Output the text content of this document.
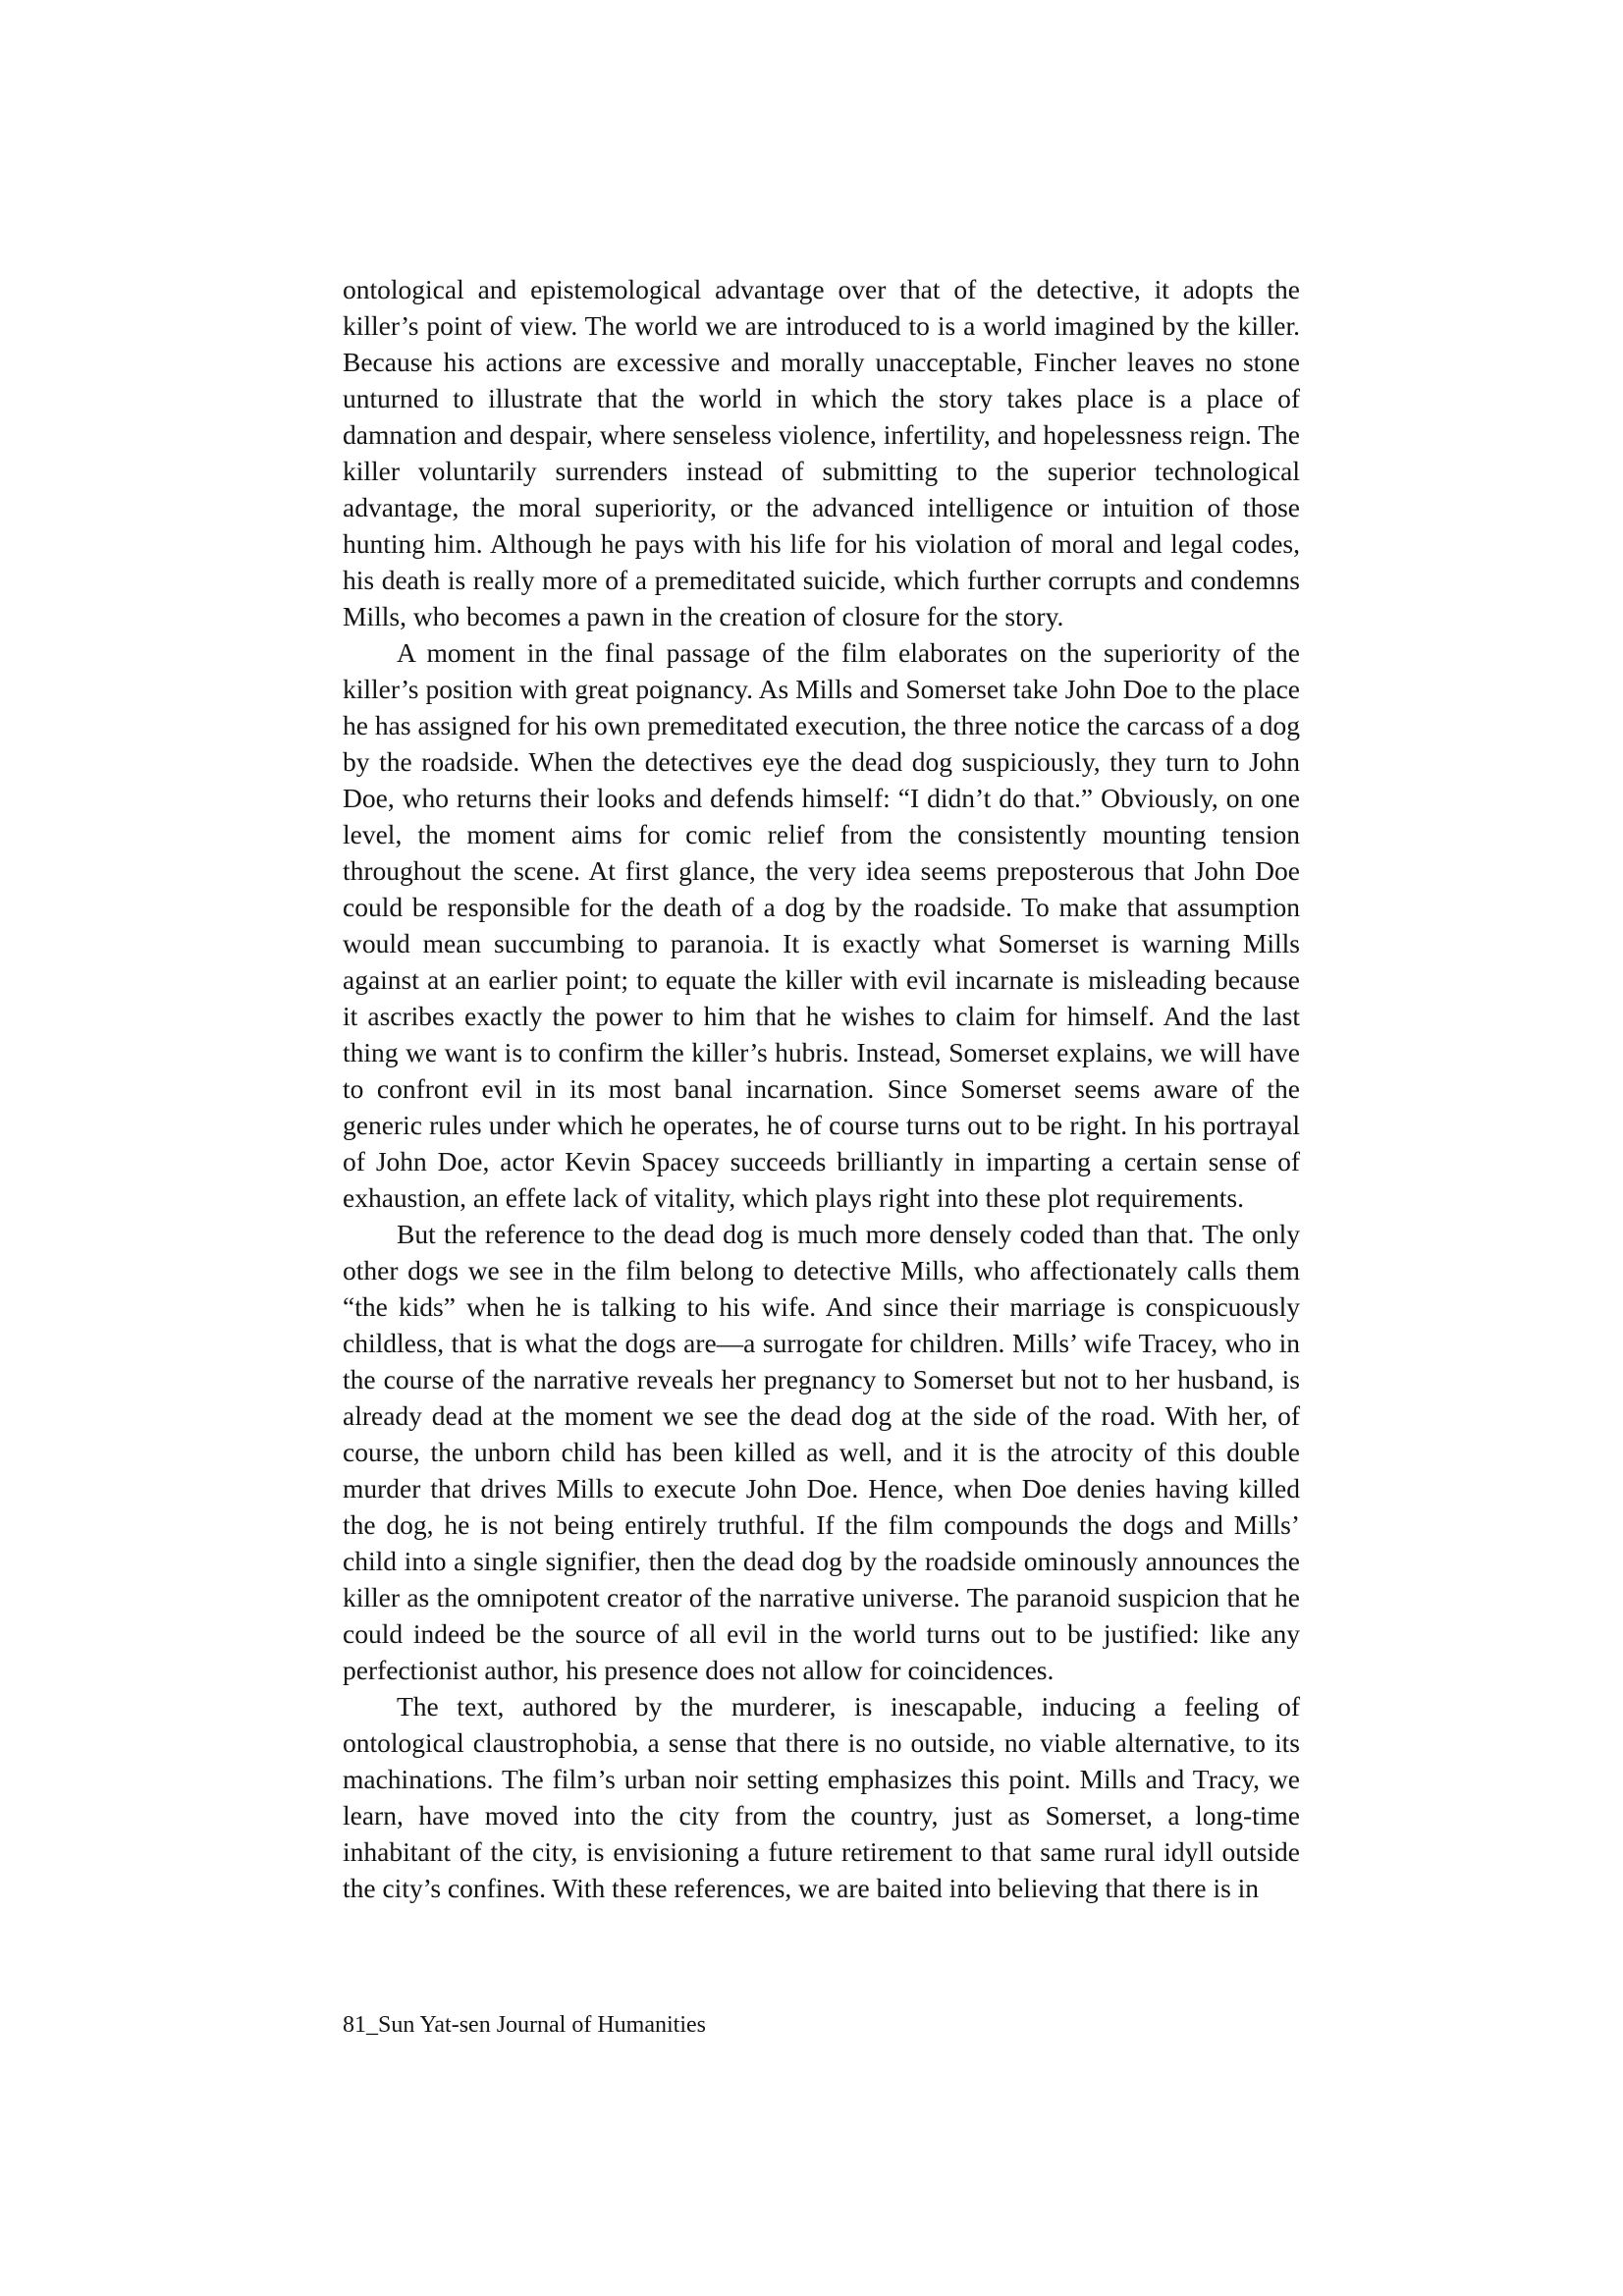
ontological and epistemological advantage over that of the detective, it adopts the killer’s point of view. The world we are introduced to is a world imagined by the killer. Because his actions are excessive and morally unacceptable, Fincher leaves no stone unturned to illustrate that the world in which the story takes place is a place of damnation and despair, where senseless violence, infertility, and hopelessness reign. The killer voluntarily surrenders instead of submitting to the superior technological advantage, the moral superiority, or the advanced intelligence or intuition of those hunting him. Although he pays with his life for his violation of moral and legal codes, his death is really more of a premeditated suicide, which further corrupts and condemns Mills, who becomes a pawn in the creation of closure for the story.

A moment in the final passage of the film elaborates on the superiority of the killer’s position with great poignancy. As Mills and Somerset take John Doe to the place he has assigned for his own premeditated execution, the three notice the carcass of a dog by the roadside. When the detectives eye the dead dog suspiciously, they turn to John Doe, who returns their looks and defends himself: “I didn’t do that.” Obviously, on one level, the moment aims for comic relief from the consistently mounting tension throughout the scene. At first glance, the very idea seems preposterous that John Doe could be responsible for the death of a dog by the roadside. To make that assumption would mean succumbing to paranoia. It is exactly what Somerset is warning Mills against at an earlier point; to equate the killer with evil incarnate is misleading because it ascribes exactly the power to him that he wishes to claim for himself. And the last thing we want is to confirm the killer’s hubris. Instead, Somerset explains, we will have to confront evil in its most banal incarnation. Since Somerset seems aware of the generic rules under which he operates, he of course turns out to be right. In his portrayal of John Doe, actor Kevin Spacey succeeds brilliantly in imparting a certain sense of exhaustion, an effete lack of vitality, which plays right into these plot requirements.

But the reference to the dead dog is much more densely coded than that. The only other dogs we see in the film belong to detective Mills, who affectionately calls them “the kids” when he is talking to his wife. And since their marriage is conspicuously childless, that is what the dogs are—a surrogate for children. Mills’ wife Tracey, who in the course of the narrative reveals her pregnancy to Somerset but not to her husband, is already dead at the moment we see the dead dog at the side of the road. With her, of course, the unborn child has been killed as well, and it is the atrocity of this double murder that drives Mills to execute John Doe. Hence, when Doe denies having killed the dog, he is not being entirely truthful. If the film compounds the dogs and Mills’ child into a single signifier, then the dead dog by the roadside ominously announces the killer as the omnipotent creator of the narrative universe. The paranoid suspicion that he could indeed be the source of all evil in the world turns out to be justified: like any perfectionist author, his presence does not allow for coincidences.

The text, authored by the murderer, is inescapable, inducing a feeling of ontological claustrophobia, a sense that there is no outside, no viable alternative, to its machinations. The film’s urban noir setting emphasizes this point. Mills and Tracy, we learn, have moved into the city from the country, just as Somerset, a long-time inhabitant of the city, is envisioning a future retirement to that same rural idyll outside the city’s confines. With these references, we are baited into believing that there is in

81_Sun Yat-sen Journal of Humanities
